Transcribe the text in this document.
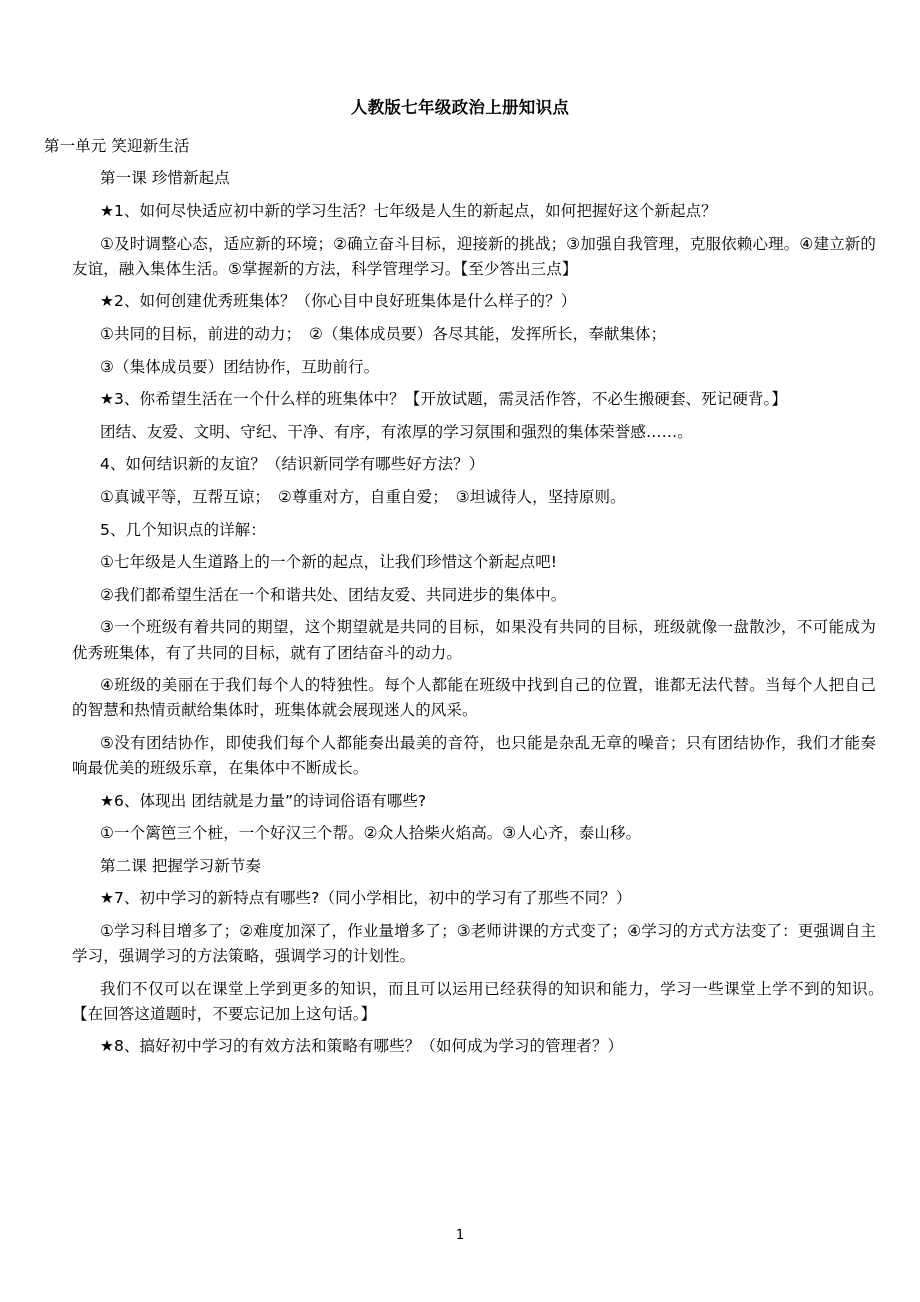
人教版七年级政治上册知识点

第一单元 笑迎新生活

第一课 珍惜新起点

★1、如何尽快适应初中新的学习生活？七年级是人生的新起点，如何把握好这个新起点？

①及时调整心态，适应新的环境；②确立奋斗目标，迎接新的挑战；③加强自我管理，克服依赖心理。④建立新的友谊，融入集体生活。⑤掌握新的方法，科学管理学习。【至少答出三点】

★2、如何创建优秀班集体？（你心目中良好班集体是什么样子的？）

①共同的目标，前进的动力；　②（集体成员要）各尽其能，发挥所长，奉献集体；

③（集体成员要）团结协作，互助前行。

★3、你希望生活在一个什么样的班集体中？【开放试题，需灵活作答，不必生搬硬套、死记硬背。】

团结、友爱、文明、守纪、干净、有序，有浓厚的学习氛围和强烈的集体荣誉感……。

4、如何结识新的友谊？（结识新同学有哪些好方法？）

①真诚平等，互帮互谅；　②尊重对方，自重自爱；　③坦诚待人，坚持原则。

5、几个知识点的详解：

①七年级是人生道路上的一个新的起点，让我们珍惜这个新起点吧!

②我们都希望生活在一个和谐共处、团结友爱、共同进步的集体中。

③一个班级有着共同的期望，这个期望就是共同的目标，如果没有共同的目标，班级就像一盘散沙，不可能成为优秀班集体，有了共同的目标，就有了团结奋斗的动力。

④班级的美丽在于我们每个人的特独性。每个人都能在班级中找到自己的位置，谁都无法代替。当每个人把自己的智慧和热情贡献给集体时，班集体就会展现迷人的风采。

⑤没有团结协作，即使我们每个人都能奏出最美的音符，也只能是杂乱无章的噪音；只有团结协作，我们才能奏响最优美的班级乐章，在集体中不断成长。

★6、体现出 团结就是力量”的诗词俗语有哪些?

①一个篱笆三个桩，一个好汉三个帮。②众人拾柴火焰高。③人心齐，泰山移。

第二课 把握学习新节奏

★7、初中学习的新特点有哪些?（同小学相比，初中的学习有了那些不同？）

①学习科目增多了；②难度加深了，作业量增多了；③老师讲课的方式变了；④学习的方式方法变了：更强调自主学习，强调学习的方法策略，强调学习的计划性。

我们不仅可以在课堂上学到更多的知识，而且可以运用已经获得的知识和能力，学习一些课堂上学不到的知识。　【在回答这道题时，不要忘记加上这句话。】

★8、搞好初中学习的有效方法和策略有哪些？（如何成为学习的管理者？）

1
